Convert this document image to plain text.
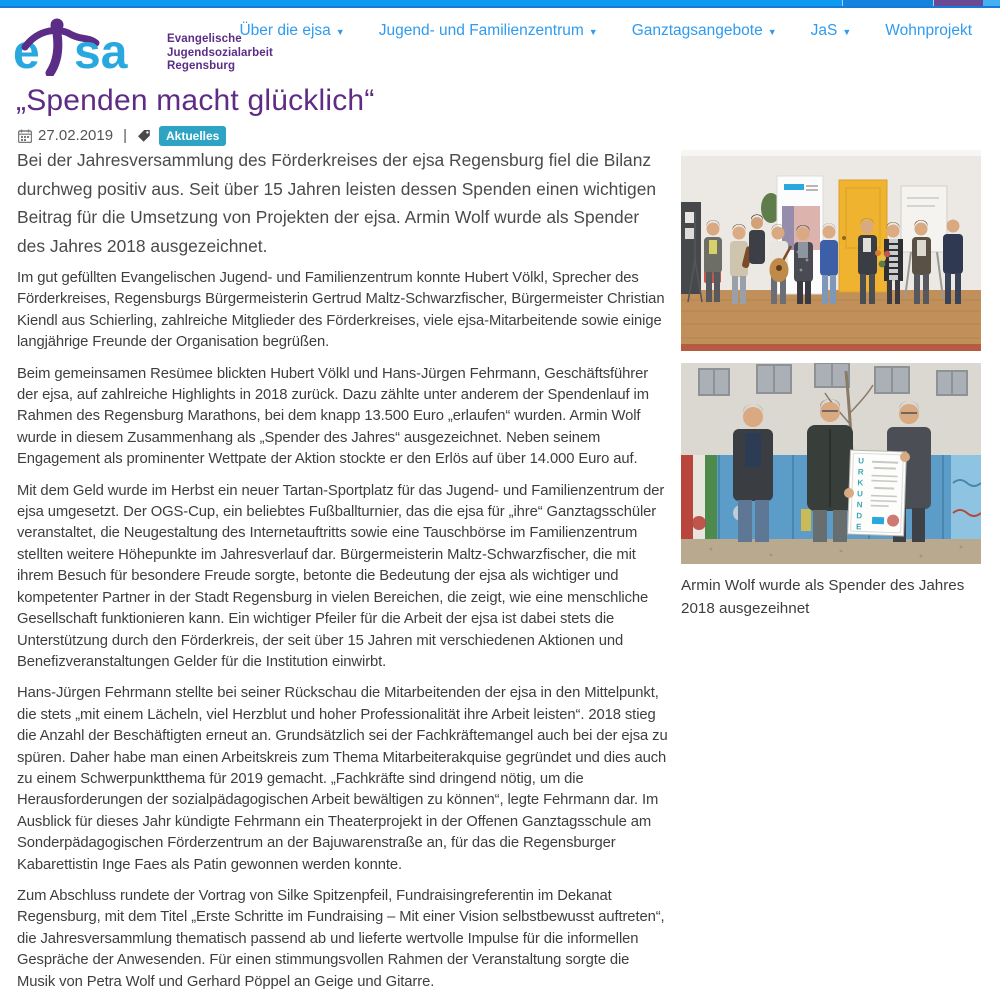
e sa	Evangelische
Jugendsozialarbeit
Regensburg
Über die ejsa ▼ Jugend- und Familienzentrum ▼ Ganztagsangebote ▼ JaS ▼ Wohnprojekt
„Spenden macht glücklich“
27.02.2019 |	Aktuelles

Bei der Jahresversammlung des Förderkreises der ejsa Regensburg fiel die Bilanz durchweg positiv aus. Seit über 15 Jahren leisten dessen Spenden einen wichtigen Beitrag für die Umsetzung von Projekten der ejsa. Armin Wolf wurde als Spender des Jahres 2018 ausgezeichnet.

Im gut gefüllten Evangelischen Jugend- und Familienzentrum konnte Hubert Völkl, Sprecher des Förderkreises, Regensburgs Bürgermeisterin Gertrud Maltz-Schwarzfischer, Bürgermeister Christian Kiendl aus Schierling, zahlreiche Mitglieder des Förderkreises, viele ejsa-Mitarbeitende sowie einige langjährige Freunde der Organisation begrüßen.

Beim gemeinsamen Resümee blickten Hubert Völkl und Hans-Jürgen Fehrmann, Geschäftsführer der ejsa, auf zahlreiche Highlights in 2018 zurück. Dazu zählte unter anderem der Spendenlauf im Rahmen des Regensburg Marathons, bei dem knapp 13.500 Euro „erlaufen“ wurden. Armin Wolf wurde in diesem Zusammenhang als „Spender des Jahres“ ausgezeichnet. Neben seinem Engagement als prominenter Wettpate der Aktion stockte er den Erlös auf über 14.000 Euro auf.

Mit dem Geld wurde im Herbst ein neuer Tartan-Sportplatz für das Jugend- und Familienzentrum der ejsa umgesetzt. Der OGS-Cup, ein beliebtes Fußballturnier, das die ejsa für „ihre“ Ganztagsschüler veranstaltet, die Neugestaltung des Internetauftritts sowie eine Tauschbörse im Familienzentrum stellten weitere Höhepunkte im Jahresverlauf dar. Bürgermeisterin Maltz-Schwarzfischer, die mit ihrem Besuch für besondere Freude sorgte, betonte die Bedeutung der ejsa als wichtiger und kompetenter Partner in der Stadt Regensburg in vielen Bereichen, die zeigt, wie eine menschliche Gesellschaft funktionieren kann. Ein wichtiger Pfeiler für die Arbeit der ejsa ist dabei stets die Unterstützung durch den Förderkreis, der seit über 15 Jahren mit verschiedenen Aktionen und Benefizveranstaltungen Gelder für die Institution einwirbt.

Hans-Jürgen Fehrmann stellte bei seiner Rückschau die Mitarbeitenden der ejsa in den Mittelpunkt, die stets „mit einem Lächeln, viel Herzblut und hoher Professionalität ihre Arbeit leisten“. 2018 stieg die Anzahl der Beschäftigten erneut an. Grundsätzlich sei der Fachkräftemangel auch bei der ejsa zu spüren. Daher habe man einen Arbeitskreis zum Thema Mitarbeiterakquise gegründet und dies auch zu einem Schwerpunktthema für 2019 gemacht. „Fachkräfte sind dringend nötig, um die Herausforderungen der sozialpädagogischen Arbeit bewältigen zu können“, legte Fehrmann dar. Im Ausblick für dieses Jahr kündigte Fehrmann ein Theaterprojekt in der Offenen Ganztagsschule am Sonderpädagogischen Förderzentrum an der Bajuwarenstraße an, für das die Regensburger Kabarettistin Inge Faes als Patin gewonnen werden konnte.

Zum Abschluss rundete der Vortrag von Silke Spitzenpfeil, Fundraisingreferentin im Dekanat Regensburg, mit dem Titel „Erste Schritte im Fundraising – Mit einer Vision selbstbewusst auftreten“, die Jahresversammlung thematisch passend ab und lieferte wertvolle Impulse für die informellen Gespräche der Anwesenden. Für einen stimmungsvollen Rahmen der Veranstaltung sorgte die Musik von Petra Wolf und Gerhard Pöppel an Geige und Gitarre.

URKUNDE

Armin Wolf wurde als Spender des Jahres 2018 ausgezeihnet
